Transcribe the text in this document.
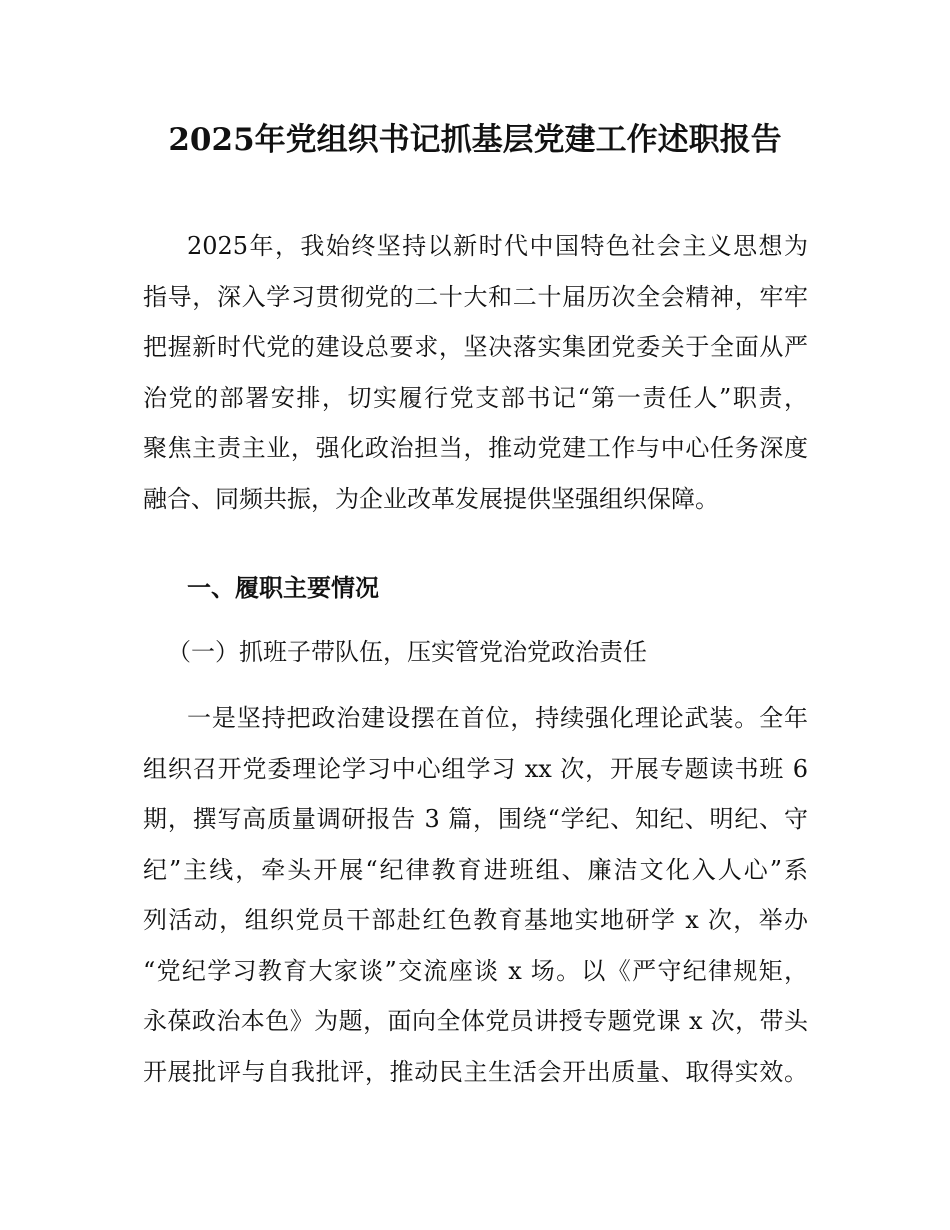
2025年党组织书记抓基层党建工作述职报告
2025年，我始终坚持以新时代中国特色社会主义思想为
指导，深入学习贯彻党的二十大和二十届历次全会精神，牢牢
把握新时代党的建设总要求，坚决落实集团党委关于全面从严
治党的部署安排，切实履行党支部书记“第一责任人”职责，
聚焦主责主业，强化政治担当，推动党建工作与中心任务深度
融合、同频共振，为企业改革发展提供坚强组织保障。
一、履职主要情况
（一）抓班子带队伍，压实管党治党政治责任
一是坚持把政治建设摆在首位，持续强化理论武装。全年
组织召开党委理论学习中心组学习 xx 次，开展专题读书班 6
期，撰写高质量调研报告 3 篇，围绕“学纪、知纪、明纪、守
纪”主线，牵头开展“纪律教育进班组、廉洁文化入人心”系
列活动，组织党员干部赴红色教育基地实地研学 x 次，举办
“党纪学习教育大家谈”交流座谈 x 场。以《严守纪律规矩，
永葆政治本色》为题，面向全体党员讲授专题党课 x 次，带头
开展批评与自我批评，推动民主生活会开出质量、取得实效。
